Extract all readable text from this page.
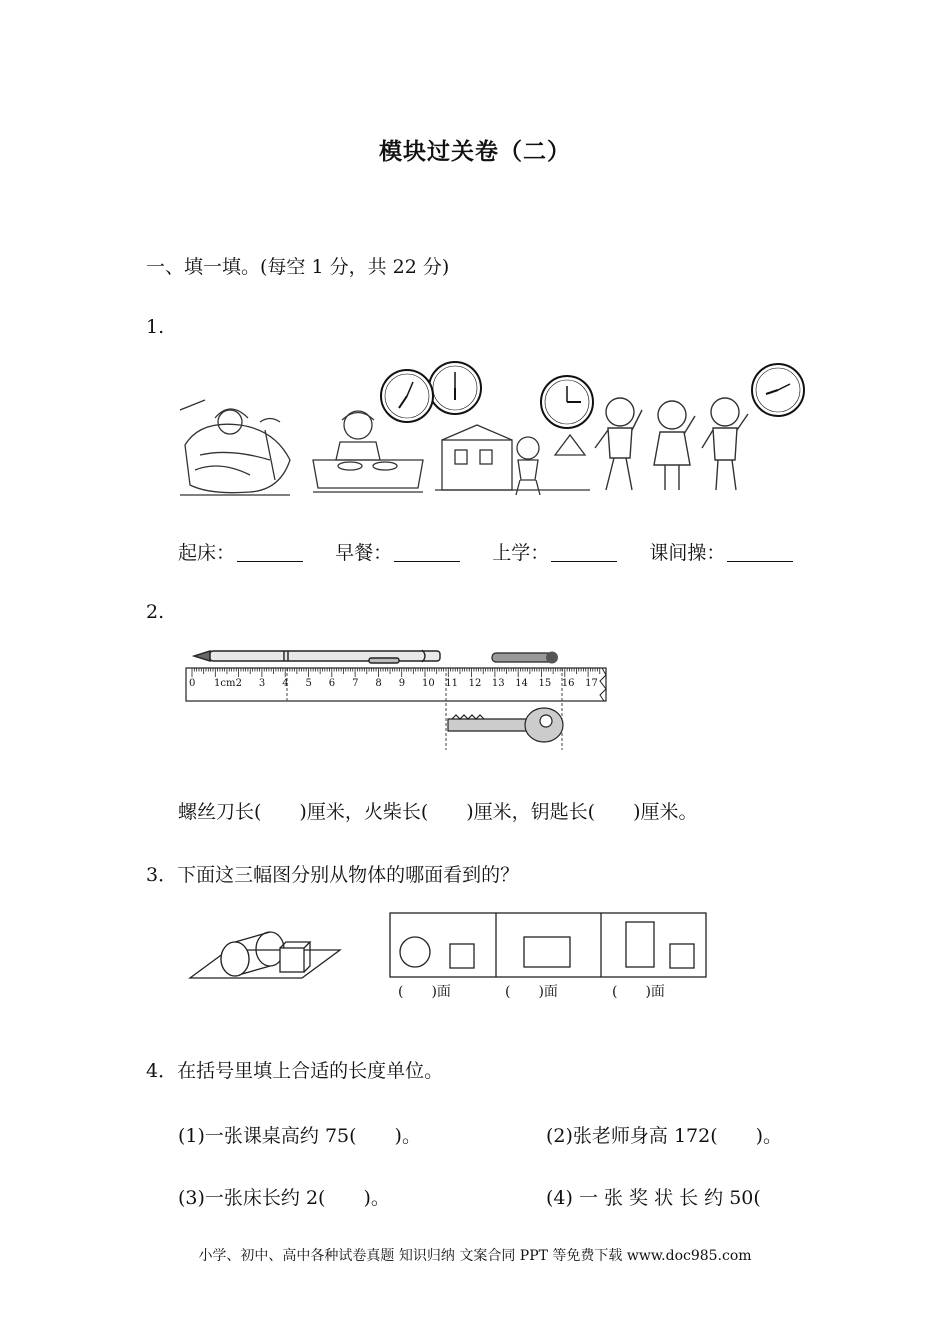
模块过关卷（二）
一、填一填。(每空 1 分，共 22 分)
1.
起床：	早餐：	上学：	课间操：
2.
0	2 3 4 5 6 7 8 9 10 11 12 13 14 15 16 17
1cm
螺丝刀长(　　)厘米，火柴长(　　)厘米，钥匙长(　　)厘米。
3．下面这三幅图分别从物体的哪面看到的？
(　　)面	(　　)面	(　　)面
4．在括号里填上合适的长度单位。
(1)一张课桌高约 75(　　)。	(2)张老师身高 172(　　)。
(3)一张床长约 2(　　)。	(4) 一 张 奖 状 长 约 50(
小学、初中、高中各种试卷真题 知识归纳 文案合同 PPT 等免费下载 www.doc985.com
